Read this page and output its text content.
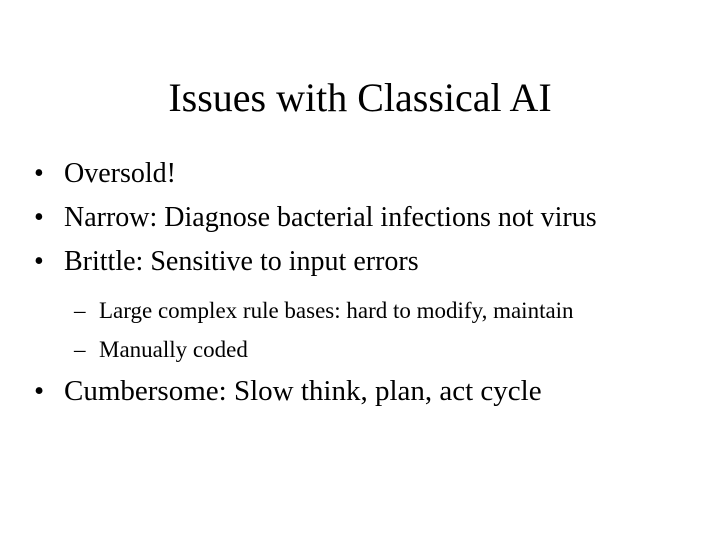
Issues with Classical AI
• Oversold!
• Narrow: Diagnose bacterial infections not virus
• Brittle: Sensitive to input errors
– Large complex rule bases: hard to modify, maintain
– Manually coded
• Cumbersome: Slow think, plan, act cycle
